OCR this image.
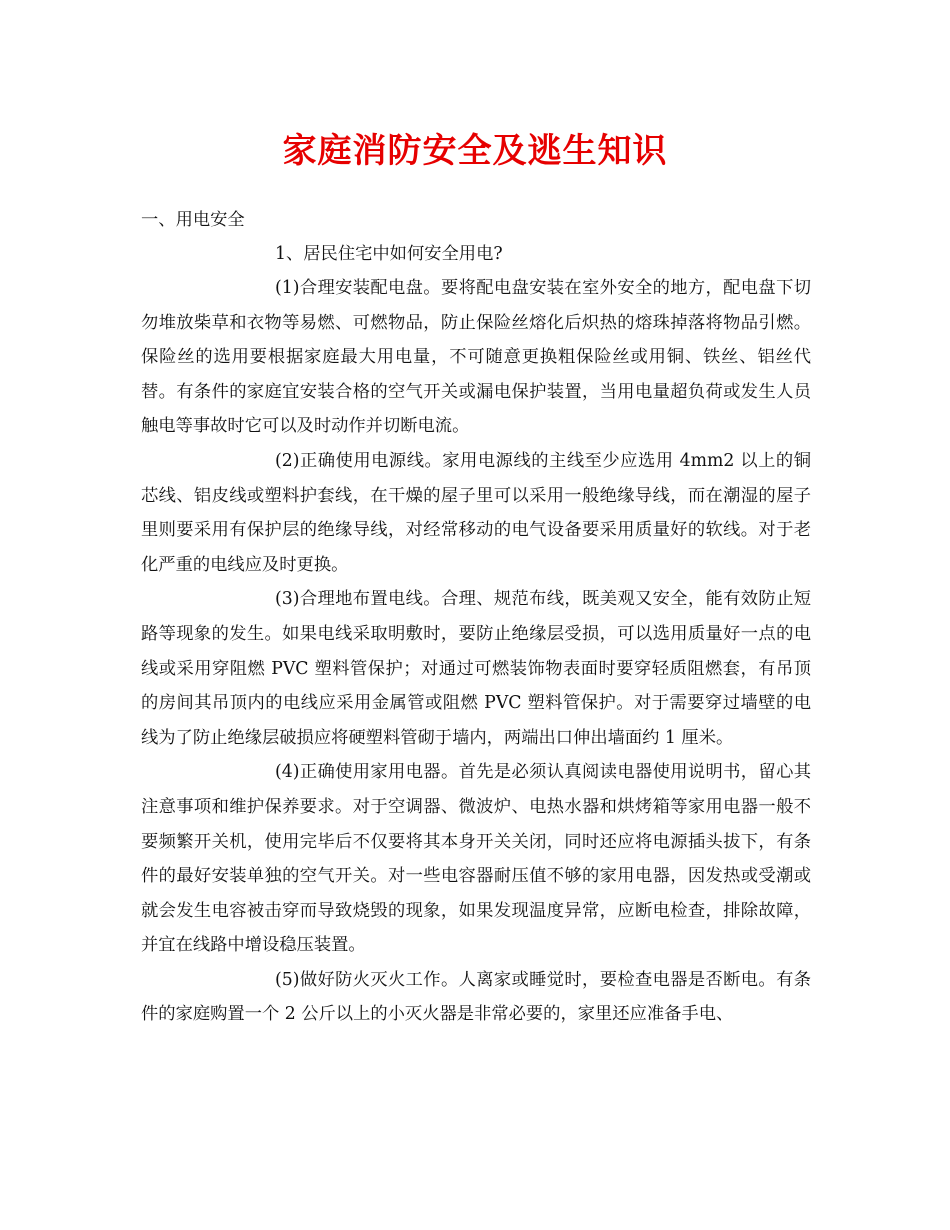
家庭消防安全及逃生知识

一、用电安全

1、居民住宅中如何安全用电?

(1)合理安装配电盘。要将配电盘安装在室外安全的地方，配电盘下切勿堆放柴草和衣物等易燃、可燃物品，防止保险丝熔化后炽热的熔珠掉落将物品引燃。保险丝的选用要根据家庭最大用电量，不可随意更换粗保险丝或用铜、铁丝、铝丝代替。有条件的家庭宜安装合格的空气开关或漏电保护装置，当用电量超负荷或发生人员触电等事故时它可以及时动作并切断电流。

(2)正确使用电源线。家用电源线的主线至少应选用 4mm2 以上的铜芯线、铝皮线或塑料护套线，在干燥的屋子里可以采用一般绝缘导线，而在潮湿的屋子里则要采用有保护层的绝缘导线，对经常移动的电气设备要采用质量好的软线。对于老化严重的电线应及时更换。

(3)合理地布置电线。合理、规范布线，既美观又安全，能有效防止短路等现象的发生。如果电线采取明敷时，要防止绝缘层受损，可以选用质量好一点的电线或采用穿阻燃 PVC 塑料管保护；对通过可燃装饰物表面时要穿轻质阻燃套，有吊顶的房间其吊顶内的电线应采用金属管或阻燃 PVC 塑料管保护。对于需要穿过墙壁的电线为了防止绝缘层破损应将硬塑料管砌于墙内，两端出口伸出墙面约 1 厘米。

(4)正确使用家用电器。首先是必须认真阅读电器使用说明书，留心其注意事项和维护保养要求。对于空调器、微波炉、电热水器和烘烤箱等家用电器一般不要频繁开关机，使用完毕后不仅要将其本身开关关闭，同时还应将电源插头拔下，有条件的最好安装单独的空气开关。对一些电容器耐压值不够的家用电器，因发热或受潮或就会发生电容被击穿而导致烧毁的现象，如果发现温度异常，应断电检查，排除故障，并宜在线路中增设稳压装置。

(5)做好防火灭火工作。人离家或睡觉时，要检查电器是否断电。有条件的家庭购置一个 2 公斤以上的小灭火器是非常必要的，家里还应准备手电、
